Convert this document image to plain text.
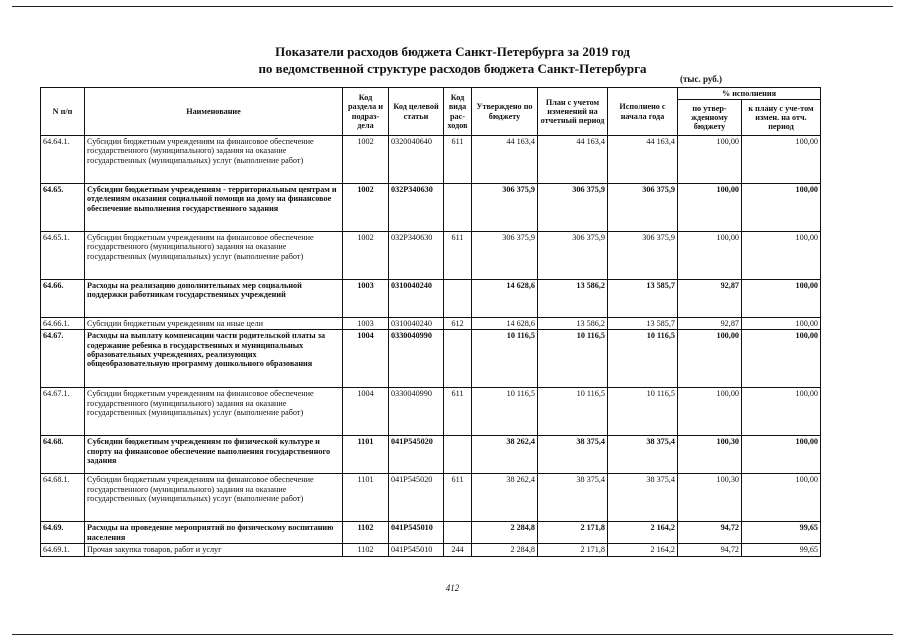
Показатели расходов бюджета Санкт-Петербурга за 2019 год
по ведомственной структуре расходов бюджета Санкт-Петербурга
(тыс. руб.)
N п/п	Наименование	Код раздела и подраз-дела	Код целевой статьи	Код вида рас-ходов	Утверждено по бюджету	План с учетом изменений на отчетный период	Исполнено с начала года	% исполнения	
								по утвер-жденному бюджету	к плану с уче-том измен. на отч. период
64.64.1.	Субсидии бюджетным учреждениям на финансовое обеспечение государственного (муниципального) задания на оказание государственных (муниципальных) услуг (выполнение работ)	1002	0320040640	611	44 163,4	44 163,4	44 163,4	100,00	100,00
64.65.	Субсидии бюджетным учреждениям - территориальным центрам и отделениям оказания социальной помощи на дому на финансовое обеспечение выполнения государственного задания	1002	032Р340630		306 375,9	306 375,9	306 375,9	100,00	100,00
64.65.1.	Субсидии бюджетным учреждениям на финансовое обеспечение государственного (муниципального) задания на оказание государственных (муниципальных) услуг (выполнение работ)	1002	032Р340630	611	306 375,9	306 375,9	306 375,9	100,00	100,00
64.66.	Расходы на реализацию дополнительных мер социальной поддержки работникам государственных учреждений	1003	0310040240		14 628,6	13 586,2	13 585,7	92,87	100,00
64.66.1.	Субсидии бюджетным учреждениям на иные цели	1003	0310040240	612	14 628,6	13 586,2	13 585,7	92,87	100,00
64.67.	Расходы на выплату компенсации части родительской платы за содержание ребенка в государственных и муниципальных образовательных учреждениях, реализующих общеобразовательную программу дошкольного образования	1004	0330040990		10 116,5	10 116,5	10 116,5	100,00	100,00
64.67.1.	Субсидии бюджетным учреждениям на финансовое обеспечение государственного (муниципального) задания на оказание государственных (муниципальных) услуг (выполнение работ)	1004	0330040990	611	10 116,5	10 116,5	10 116,5	100,00	100,00
64.68.	Субсидии бюджетным учреждениям по физической культуре и спорту на финансовое обеспечение выполнения государственного задания	1101	041Р545020		38 262,4	38 375,4	38 375,4	100,30	100,00
64.68.1.	Субсидии бюджетным учреждениям на финансовое обеспечение государственного (муниципального) задания на оказание государственных (муниципальных) услуг (выполнение работ)	1101	041Р545020	611	38 262,4	38 375,4	38 375,4	100,30	100,00
64.69.	Расходы на проведение мероприятий по физическому воспитанию населения	1102	041Р545010		2 284,8	2 171,8	2 164,2	94,72	99,65
64.69.1.	Прочая закупка товаров, работ и услуг	1102	041Р545010	244	2 284,8	2 171,8	2 164,2	94,72	99,65
412
